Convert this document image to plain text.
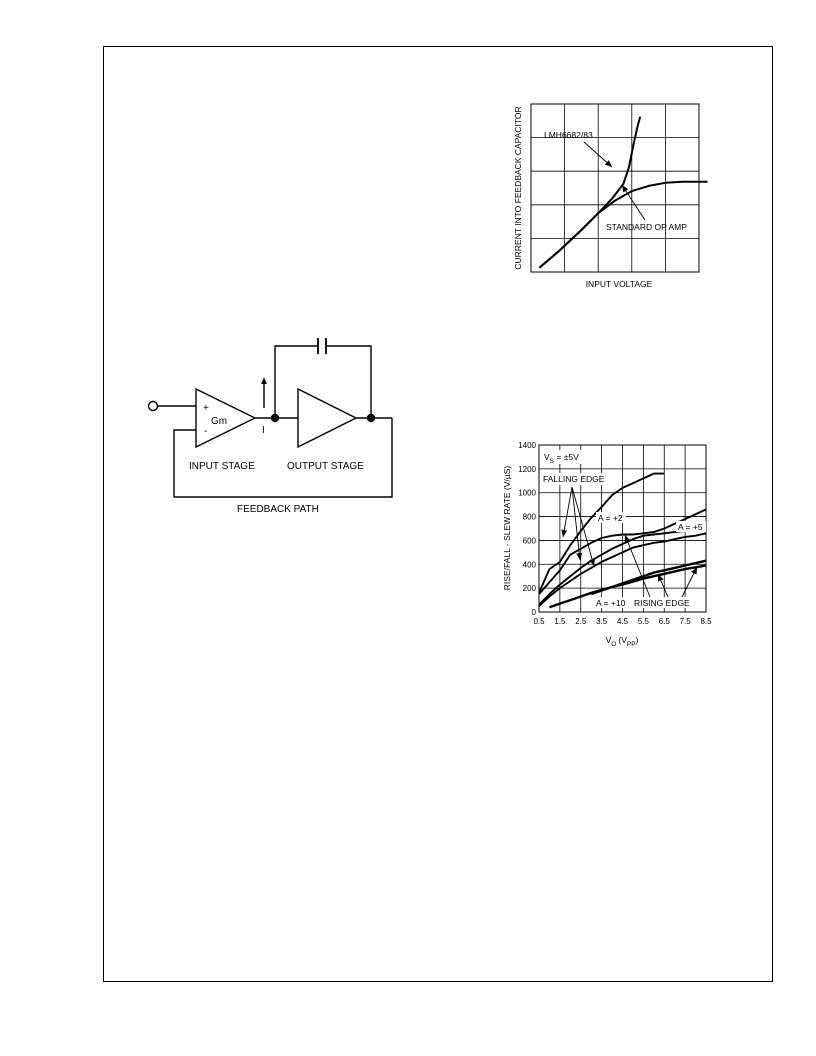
+
-
Gm
I
INPUT STAGE	OUTPUT STAGE
FEEDBACK PATH
LMH6682/83
STANDARD OP AMP
INPUT VOLTAGE
CURRENT INTO FEEDBACK CAPACITOR
0.5 1.5 2.5 3.5 4.5 5.5 6.5 7.5 8.5
0
200
400
600
800
1000
1200
1400
$V_S = \pm 5V$
FALLING EDGE
A = +2
A = +5
A = +10 RISING EDGE
$V_O$ $(V_{PP})$
RISE/FALL - SLEW RATE (V/µS)
